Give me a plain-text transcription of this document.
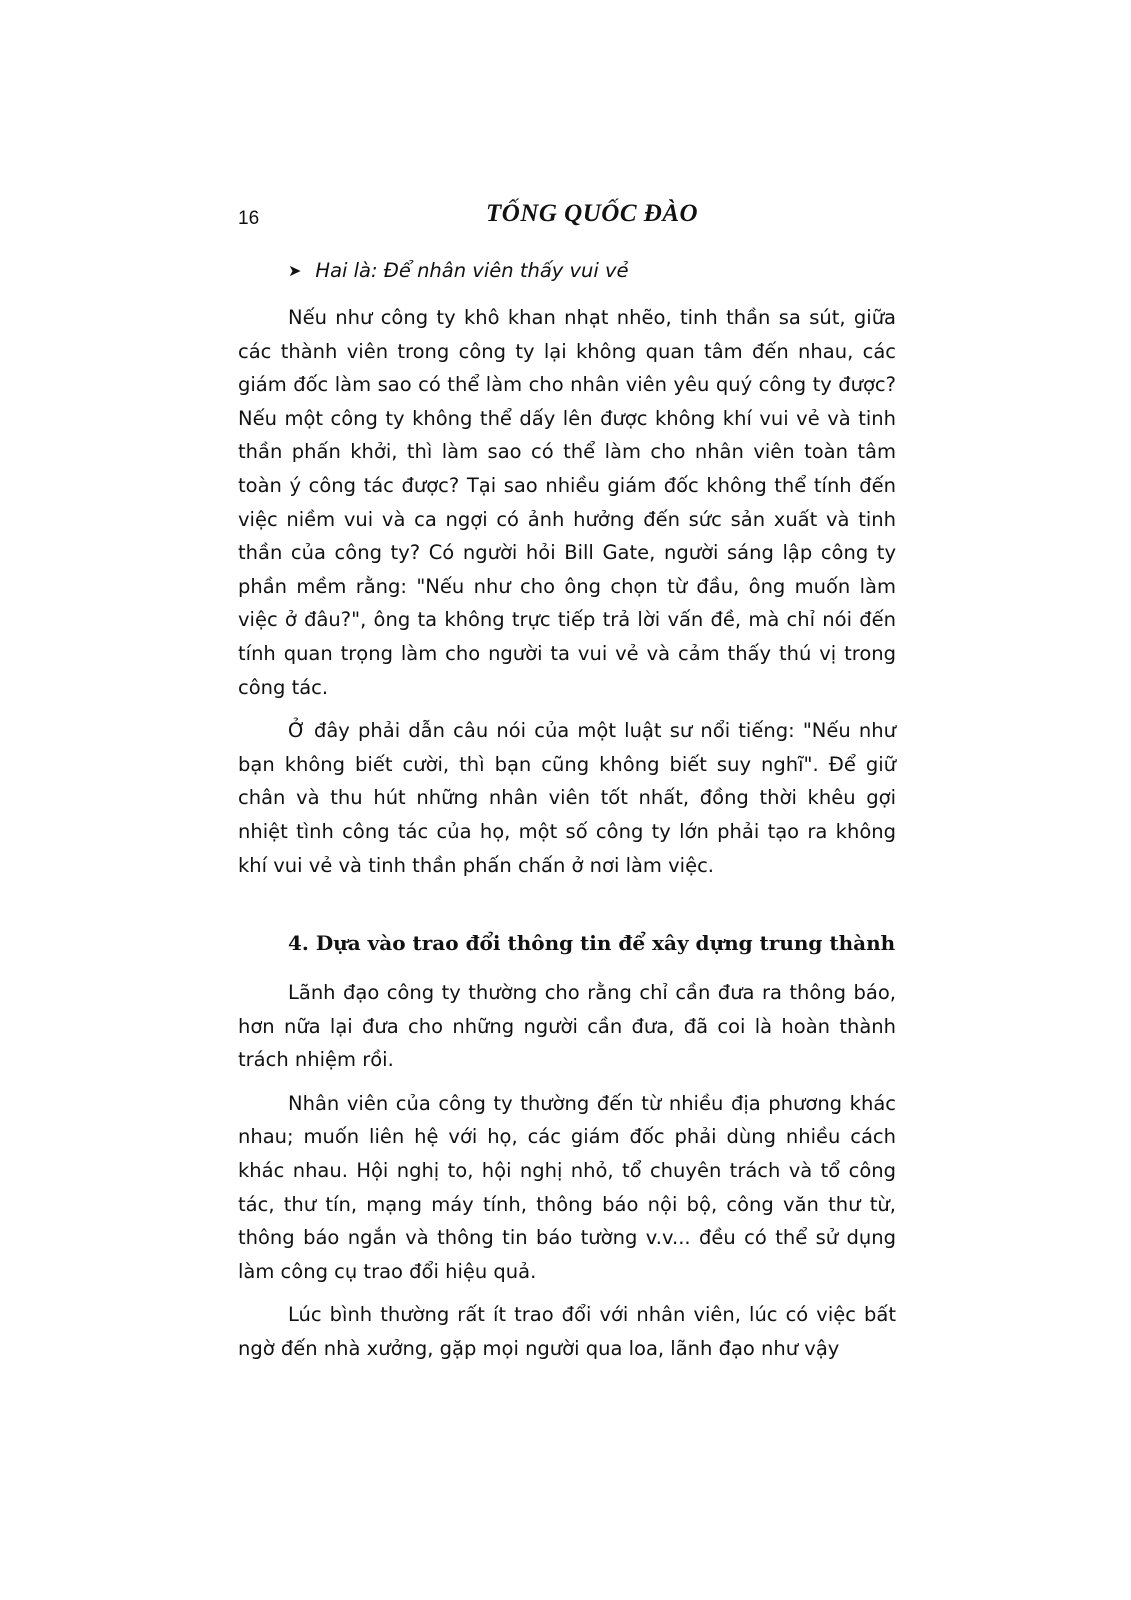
16	TỐNG QUỐC ĐÀO
➤ Hai là: Để nhân viên thấy vui vẻ

Nếu như công ty khô khan nhạt nhẽo, tinh thần sa sút, giữa các thành viên trong công ty lại không quan tâm đến nhau, các giám đốc làm sao có thể làm cho nhân viên yêu quý công ty được? Nếu một công ty không thể dấy lên được không khí vui vẻ và tinh thần phấn khởi, thì làm sao có thể làm cho nhân viên toàn tâm toàn ý công tác được? Tại sao nhiều giám đốc không thể tính đến việc niềm vui và ca ngợi có ảnh hưởng đến sức sản xuất và tinh thần của công ty? Có người hỏi Bill Gate, người sáng lập công ty phần mềm rằng: "Nếu như cho ông chọn từ đầu, ông muốn làm việc ở đâu?", ông ta không trực tiếp trả lời vấn đề, mà chỉ nói đến tính quan trọng làm cho người ta vui vẻ và cảm thấy thú vị trong công tác.

Ở đây phải dẫn câu nói của một luật sư nổi tiếng: "Nếu như bạn không biết cười, thì bạn cũng không biết suy nghĩ". Để giữ chân và thu hút những nhân viên tốt nhất, đồng thời khêu gợi nhiệt tình công tác của họ, một số công ty lớn phải tạo ra không khí vui vẻ và tinh thần phấn chấn ở nơi làm việc.

4. Dựa vào trao đổi thông tin để xây dựng trung thành

Lãnh đạo công ty thường cho rằng chỉ cần đưa ra thông báo, hơn nữa lại đưa cho những người cần đưa, đã coi là hoàn thành trách nhiệm rồi.

Nhân viên của công ty thường đến từ nhiều địa phương khác nhau; muốn liên hệ với họ, các giám đốc phải dùng nhiều cách khác nhau. Hội nghị to, hội nghị nhỏ, tổ chuyên trách và tổ công tác, thư tín, mạng máy tính, thông báo nội bộ, công văn thư từ, thông báo ngắn và thông tin báo tường v.v... đều có thể sử dụng làm công cụ trao đổi hiệu quả.

Lúc bình thường rất ít trao đổi với nhân viên, lúc có việc bất ngờ đến nhà xưởng, gặp mọi người qua loa, lãnh đạo như vậy
